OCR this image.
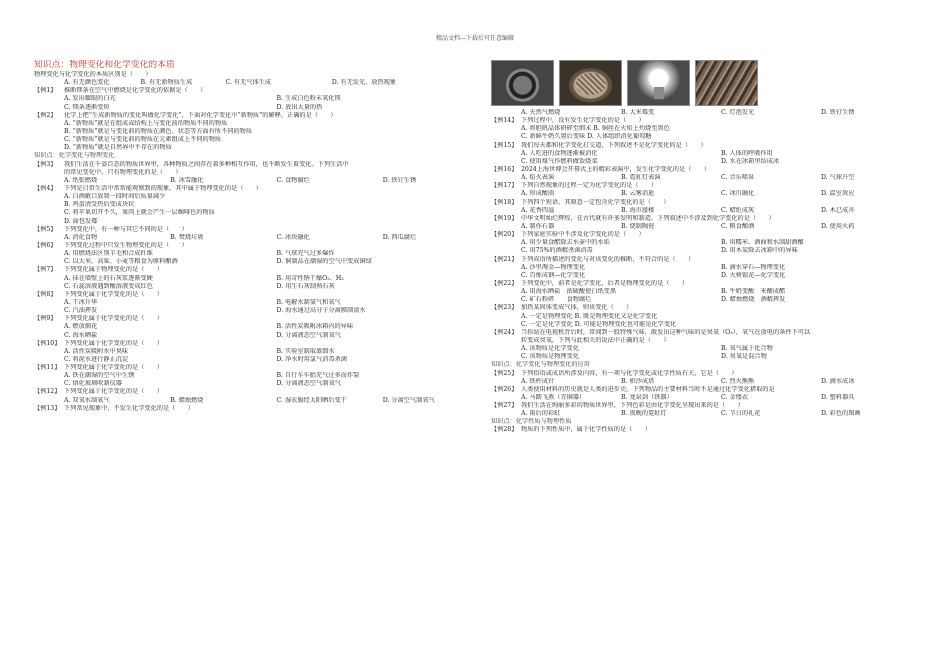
精品文档---下载后可任意编辑
知识点：物理变化和化学变化的本质
物理变化与化学变化的本质区别是（　　）
A. 有无颜色变化	B. 有无新物质生成	C. 有无气体生成	D. 有无发光、放热现象
【例1】 推断镁条在空气中燃烧是化学变化的依据是（　　）
A. 发出耀眼的白光	B. 生成白色粉末氧化镁
C. 镁条逐渐变短	D. 放出大量的热
【例2】 化学上把“生成新物质的变化叫做化学变化”，下面对化学变化中“新物质”的解释，正确的是（　　）
A. “新物质”就是在组成或结构上与变化前的物质不同的物质
B. “新物质”就是与变化前的物质在颜色、状态等方面有所不同的物质
C. “新物质”就是与变化前的物质在元素组成上不同的物质
D. “新物质”就是自然界中不存在的物质
知识点：化学变化与物理变化
【例3】 我们生活在千姿百态的物质世界里，各种物质之间存在着多种相互作用，也不断发生着变化。下列生活中
的常见变化中，只有物理变化的是（　　）
A. 纸张燃烧	B. 冰雪融化	C. 食物腐烂	D. 铁钉生锈
【例4】 下列是日常生活中常常能观察到的现象，其中属于物理变化的是（　　）
A. 白酒敞口放置一段时间后质量减少
B. 鸡蛋清受热后变成块状
C. 将苹果切开不久，果肉上就会产生一层咖啡色的物质
D. 面包发霉
【例5】 下列变化中，有一种与其它不同的是（　　）
A. 消化食物	B. 焚烧垃圾	C. 冰块融化	D. 西瓜腐烂
【例6】 下列变化过程中只发生物理变化的是（　　）
A. 用燃烧法区别羊毛和合成纤维	B. 气球充气过多爆炸
C. 以大米、高粱、小麦等粮食为原料酿酒	D. 铜制品在潮湿的空气中变成铜绿
【例7】 下列变化属于物理变化的是（　　）
A. 抹在墙壁上的石灰浆逐渐变硬	B. 用苛性钠干燥O₂、H₂
C. 石蕊溶液遇到酸溶液变成红色	D. 用生石灰制熟石灰
【例8】 下列变化属于化学变化的是（　　）
A. 干冰升华	B. 电解水制氢气和氧气
C. 汽油挥发	D. 海水通过高分子分离膜制淡水
【例9】 下列变化属于化学变化的是（　　）
A. 燃放烟花	B. 活性炭吸附冰箱内的异味
C. 海水晒盐	D. 分离液态空气制氧气
【例10】 下列变化属于化学变化的是（　　）
A. 活性炭吸附水中臭味	B. 实验室制取蒸馏水
C. 将泥水进行静止沉淀	D. 净水时用氯气消毒杀菌
【例11】 下列变化属于化学变化的是（　　）
A. 铁在潮湿的空气中生锈	B. 自行车车胎充气过多而炸裂
C. 熔化玻璃吹制仪器	D. 分离液态空气制氧气
【例12】 下列变化属于化学变化的是（　　）
A. 双氧水制氧气	B. 蜡烛燃烧	C. 湿衣服经太阳晒后变干	D. 分离空气制氧气
【例13】 下列常见现象中，不发生化学变化的是（　　）
A. 天然气燃烧	B. 大米霉变	C. 灯泡发光	D. 铁钉生锈
【例14】 下列过程中，没有发生化学变化的是（　　）
A. 将胆矾晶体研碎至细末 B. 铜丝在火焰上灼烧至黑色
C. 新鲜牛奶久置后变味 D. 人体组织消化葡萄糖
【例15】 我们每天都和化学变化打交道，下列叙述不是化学变化的是（　　）
A. 人吃进的食物逐渐被消化	B. 人体的呼吸作用
C. 使用煤气作燃料做饭烧菜	D. 水在冰箱里结成冰
【例16】 2024上海世博会开幕式上的精彩表演中，发生化学变化的是（　　）
A. 焰火表演	B. 霓虹灯表演	C. 音乐喷泉	D. 气球升空
【例17】 下列自然现象的过程一定为化学变化的是（　　）
A. 形成酸雨	B. 云雾消逝	C. 冰川融化	D. 温室效应
【例18】 下列四个短语，其原意一定包含化学变化的是（　　）
A. 花香四溢	B. 海市蜃楼	C. 蜡炬成灰	D. 木已成舟
【例19】 中华文明灿烂辉煌，在古代就有许多发明和制造。下列叙述中不涉及到化学变化的是（　　）
A. 制作石器	B. 烧制陶瓷	C. 粮食酿酒	D. 使用火药
【例20】 下列家庭实验中不涉及化学变化的是（　　）
A. 用少量食醋除去水壶中的水垢	B. 用糯米、酒曲和水制甜酒酿
C. 用75%的酒精杀菌消毒	D. 用木炭除去冰箱中的异味
【例21】 下列成语所描述的变化与对该变化的推断，不符合的是（　　）
A. 沙里淘金—物理变化	B. 滴水穿石—物理变化
C. 百炼成钢—化学变化	D. 火树银花—化学变化
【例22】 下列变化中，前者是化学变化，后者是物理变化的是（　　）
A. 用海水晒盐　浓硫酸使白纸变黑	B. 牛奶变酸　米酿成醋
C. 矿石粉碎　　食物腐烂	D. 蜡烛燃烧　酒精挥发
【例23】 加热某固体变成气体，则该变化（　　）
A. 一定是物理变化 B. 既是物理变化又是化学变化
C. 一定是化学变化 D. 可能是物理变化也可能是化学变化
【例24】 当你站在电视机背后时，常闻到一股特殊气味，散发出这种气味的是臭氧（O₃），氧气在放电的条件下可以
转变成臭氧，下列与此相关的说法中正确的是（　　）
A. 该物质是化学变化	B. 氧气属于化合物
C. 该物质是物理变化	D. 臭氧是混合物
知识点：化学变化与物理变化的应用
【例25】 下列俗语或成语所涉及内容，有一项与化学变化或化学性质有关，它是（　　）
A. 铁杵成针	B. 积沙成塔	C. 烈火熊熊	D. 滴水成冰
【例26】 人类使用材料的历史就是人类的进步史，下列物品的主要材料当时不是通过化学变化猎取的是
A. 马踏飞燕（青铜器）	B. 龙泉剑（铁器）	C. 金缕衣	D. 塑料器具
【例27】 我们生活在绚丽多彩的物质世界里，下列色彩是由化学变化呈现出来的是（　　）
A. 雨后的彩虹	B. 夜晚的霓虹灯	C. 节日的礼花	D. 彩色的图画
知识点：化学性质与物理性质
【例28】 物质的下列性质中，属于化学性质的是（　　）
